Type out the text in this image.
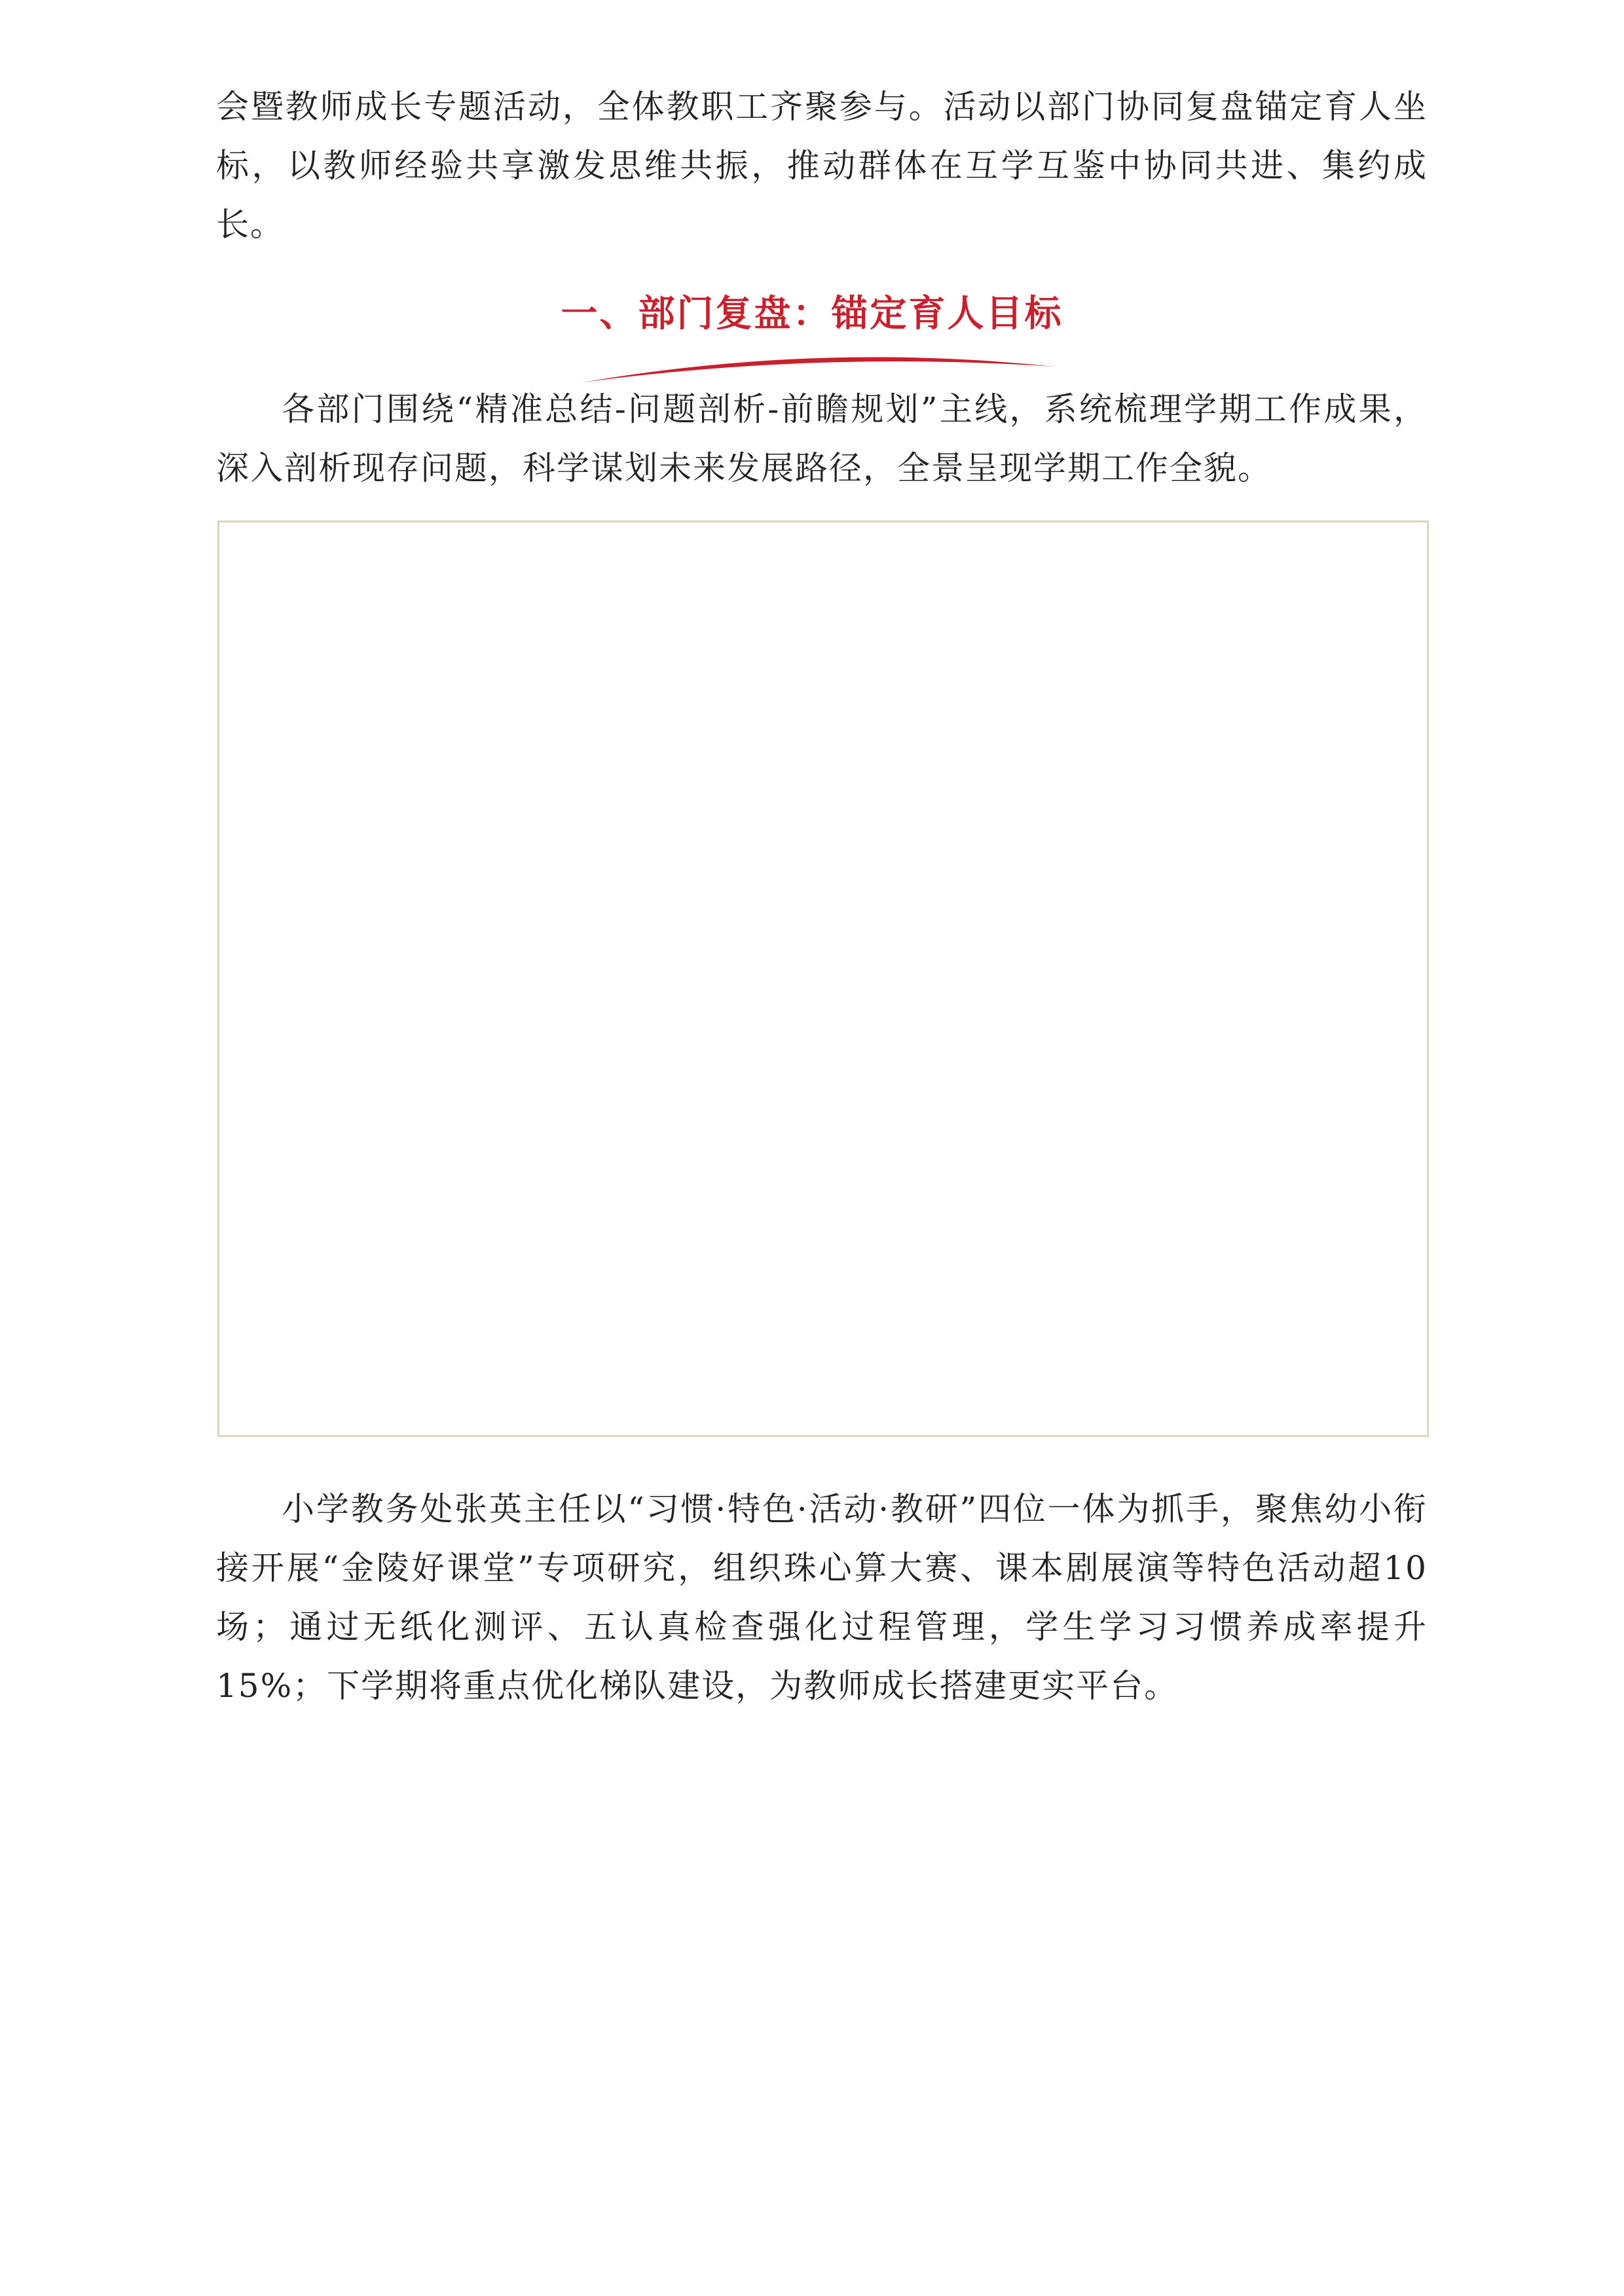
会暨教师成长专题活动，全体教职工齐聚参与。活动以部门协同复盘锚定育人坐标，以教师经验共享激发思维共振，推动群体在互学互鉴中协同共进、集约成长。

一、部门复盘：锚定育人目标

各部门围绕“精准总结-问题剖析-前瞻规划”主线，系统梳理学期工作成果，深入剖析现存问题，科学谋划未来发展路径，全景呈现学期工作全貌。

小学教务处张英主任以“习惯·特色·活动·教研”四位一体为抓手，聚焦幼小衔接开展“金陵好课堂”专项研究，组织珠心算大赛、课本剧展演等特色活动超10场；通过无纸化测评、五认真检查强化过程管理，学生学习习惯养成率提升15%；下学期将重点优化梯队建设，为教师成长搭建更实平台。
